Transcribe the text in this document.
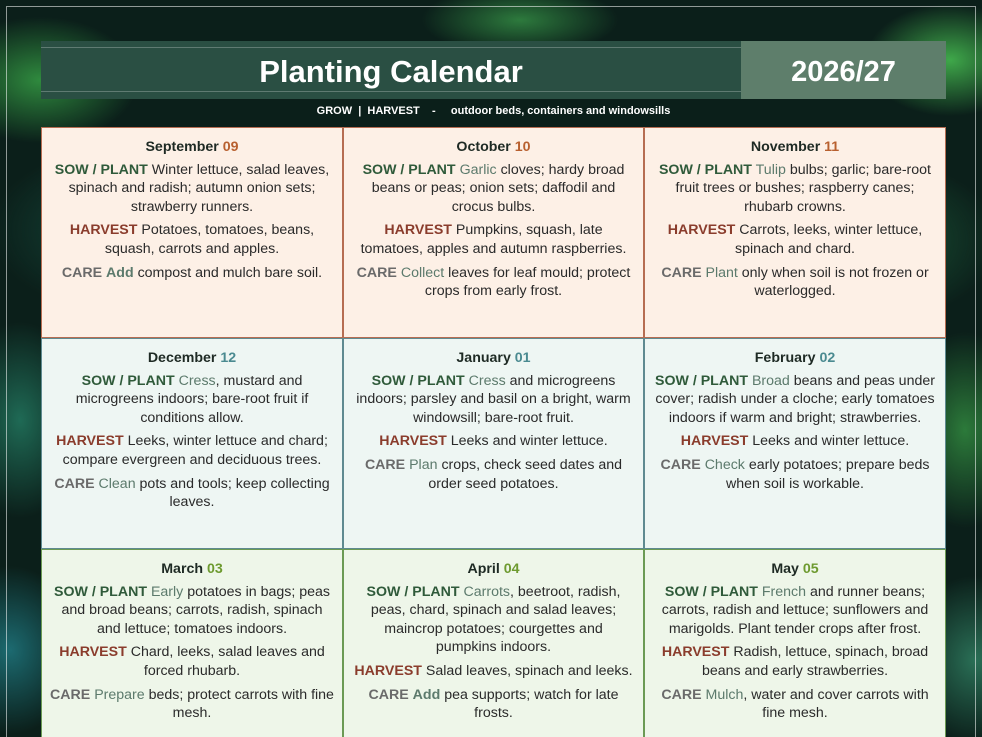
Planting Calendar	2026/27
GROW  |  HARVEST    -     outdoor beds, containers and windowsills
September 09
SOW / PLANT Winter lettuce, salad leaves, spinach and radish; autumn onion sets; strawberry runners.
HARVEST Potatoes, tomatoes, beans, squash, carrots and apples.
CARE Add compost and mulch bare soil.
October 10
SOW / PLANT Garlic cloves; hardy broad beans or peas; onion sets; daffodil and crocus bulbs.
HARVEST Pumpkins, squash, late tomatoes, apples and autumn raspberries.
CARE Collect leaves for leaf mould; protect crops from early frost.
November 11
SOW / PLANT Tulip bulbs; garlic; bare-root fruit trees or bushes; raspberry canes; rhubarb crowns.
HARVEST Carrots, leeks, winter lettuce, spinach and chard.
CARE Plant only when soil is not frozen or waterlogged.
December 12
SOW / PLANT Cress, mustard and microgreens indoors; bare-root fruit if conditions allow.
HARVEST Leeks, winter lettuce and chard; compare evergreen and deciduous trees.
CARE Clean pots and tools; keep collecting leaves.
January 01
SOW / PLANT Cress and microgreens indoors; parsley and basil on a bright, warm windowsill; bare-root fruit.
HARVEST Leeks and winter lettuce.
CARE Plan crops, check seed dates and order seed potatoes.
February 02
SOW / PLANT Broad beans and peas under cover; radish under a cloche; early tomatoes indoors if warm and bright; strawberries.
HARVEST Leeks and winter lettuce.
CARE Check early potatoes; prepare beds when soil is workable.
March 03
SOW / PLANT Early potatoes in bags; peas and broad beans; carrots, radish, spinach and lettuce; tomatoes indoors.
HARVEST Chard, leeks, salad leaves and forced rhubarb.
CARE Prepare beds; protect carrots with fine mesh.
April 04
SOW / PLANT Carrots, beetroot, radish, peas, chard, spinach and salad leaves; maincrop potatoes; courgettes and pumpkins indoors.
HARVEST Salad leaves, spinach and leeks.
CARE Add pea supports; watch for late frosts.
May 05
SOW / PLANT French and runner beans; carrots, radish and lettuce; sunflowers and marigolds. Plant tender crops after frost.
HARVEST Radish, lettuce, spinach, broad beans and early strawberries.
CARE Mulch, water and cover carrots with fine mesh.
